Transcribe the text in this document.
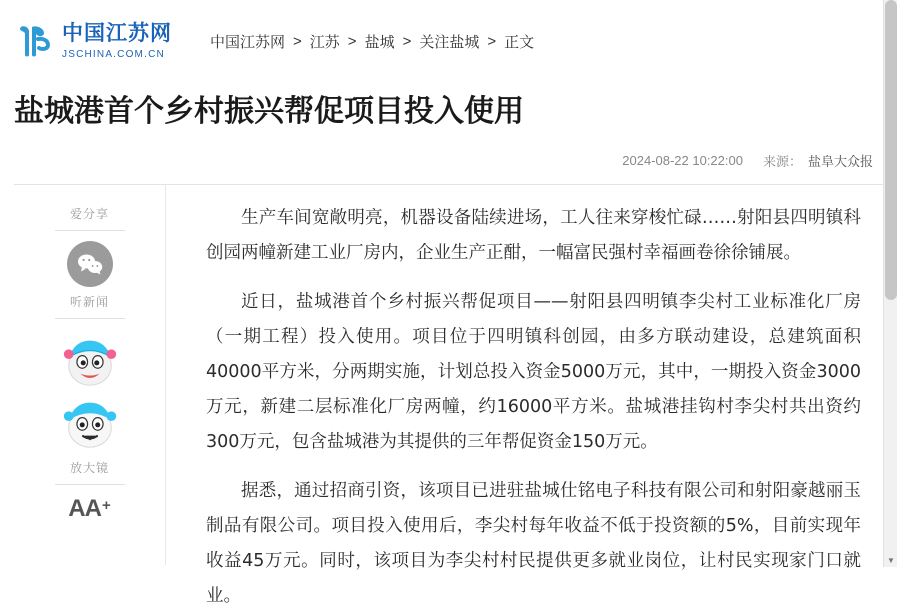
中国江苏网
JSCHINA.COM.CN
中国江苏网 > 江苏 > 盐城 > 关注盐城 > 正文
盐城港首个乡村振兴帮促项目投入使用
2024-08-22 10:22:00 来源： 盐阜大众报
爱分享
听新闻
放大镜
AA +

生产车间宽敞明亮，机器设备陆续进场，工人往来穿梭忙碌……射阳县四明镇科创园两幢新建工业厂房内，企业生产正酣，一幅富民强村幸福画卷徐徐铺展。

近日，盐城港首个乡村振兴帮促项目——射阳县四明镇李尖村工业标准化厂房（一期工程）投入使用。项目位于四明镇科创园，由多方联动建设，总建筑面积40000平方米，分两期实施，计划总投入资金5000万元，其中，一期投入资金3000万元，新建二层标准化厂房两幢，约16000平方米。盐城港挂钩村李尖村共出资约300万元，包含盐城港为其提供的三年帮促资金150万元。

据悉，通过招商引资，该项目已进驻盐城仕铭电子科技有限公司和射阳豪越丽玉制品有限公司。项目投入使用后，李尖村每年收益不低于投资额的5%，目前实现年收益45万元。同时，该项目为李尖村村民提供更多就业岗位，让村民实现家门口就业。

▼
